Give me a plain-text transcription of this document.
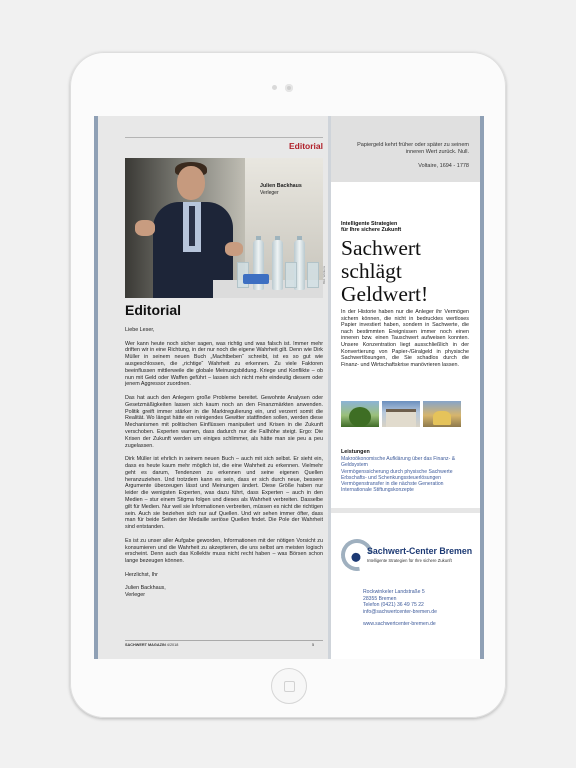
Editorial
Julien Backhaus
Verleger
Bild: Wolkens
Editorial

Liebe Leser,

Wer kann heute noch sicher sagen, was richtig und was falsch ist. Immer mehr driften wir in eine Richtung, in der nur noch die eigene Wahrheit gilt. Denn wie Dirk Müller in seinem neuen Buch „Machtbeben“ schreibt, ist es so gut wie ausgeschlossen, die „richtige“ Wahrheit zu erkennen. Zu viele Faktoren beeinflussen mittlerweile die globale Meinungsbildung. Kriege und Konflikte – ob nun mit Geld oder Waffen geführt – lassen sich nicht mehr eindeutig diesem oder jenem Aggressor zuordnen.

Das hat auch den Anlegern große Probleme bereitet. Gewohnte Analysen oder Gesetzmäßigkeiten lassen sich kaum noch an den Finanzmärkten anwenden. Politik greift immer stärker in die Marktregulierung ein, und verzerrt somit die Realität. Wo längst hätte ein reinigendes Gewitter stattfinden sollen, werden diese Mechanismen mit politischen Einflüssen manipuliert und Krisen in die Zukunft verschoben. Experten warnen, dass dadurch nur die Fallhöhe steigt. Ergo: Die Krisen der Zukunft werden um einiges schlimmer, als hätte man sie peu a peu zugelassen.

Dirk Müller ist ehrlich in seinem neuen Buch – auch mit sich selbst. Er sieht ein, dass es heute kaum mehr möglich ist, die eine Wahrheit zu erkennen. Vielmehr geht es darum, Tendenzen zu erkennen und seine eigenen Quellen heranzuziehen. Und trotzdem kann es sein, dass er sich durch neue, bessere Argumente überzeugen lässt und Meinungen ändert. Diese Größe haben nur leider die wenigsten Experten, was dazu führt, dass Experten – auch in den Medien – stur einem Stigma folgen und dieses als Wahrheit verbreiten. Dasselbe gilt für Medien. Nur weil sie Informationen verbreiten, müssen es nicht die richtigen sein. Auch sie beziehen sich nur auf Quellen. Und wir sehen immer öfter, dass man für beide Seiten der Medaille seriöse Quellen findet. Die Pole der Wahrheit sind entstanden.

Es ist zu unser aller Aufgabe geworden, Informationen mit der nötigen Vorsicht zu konsumieren und die Wahrheit zu akzeptieren, die uns selbst am meisten logisch erscheint. Denn auch das Kollektiv muss nicht recht haben – was Börsen schon lange bezeugen können.

Herzlichst, Ihr

Julien Backhaus,

Verleger

SACHWERT MAGAZIN 4/2018	5
Papiergeld kehrt früher oder später zu seinem inneren Wert zurück. Null.
Voltaire, 1694 - 1778
Intelligente Strategien
für Ihre sichere Zukunft
Sachwert
schlägt
Geldwert!
In der Historie haben nur die Anleger ihr Vermögen sichern können, die nicht in bedrucktes wertloses Papier investiert haben, sondern in Sachwerte, die nach bestimmten Ereignissen immer noch einen inneren bzw. einen Tauschwert aufweisen konnten. Unsere Konzentration liegt ausschließlich in der Konvertierung von Papier-/Giralgeld in physische Sachwertlösungen, die Sie schadlos durch die Finanz- und Wirtschaftskrise manövrieren lassen.
Leistungen
Makroökonomische Aufklärung über das Finanz- & Geldsystem
Vermögenssicherung durch physische Sachwerte
Erbschafts- und Schenkungssteuerlösungen
Vermögenstransfer in die nächste Generation
Internationale Stiftungskonzepte
Sachwert-Center Bremen
Intelligente Strategien für Ihre sichere Zukunft
Rockwinkeler Landstraße 5
28355 Bremen
Telefon (0421) 36 49 75 22
info@sachwertcenter-bremen.de
www.sachwertcenter-bremen.de
